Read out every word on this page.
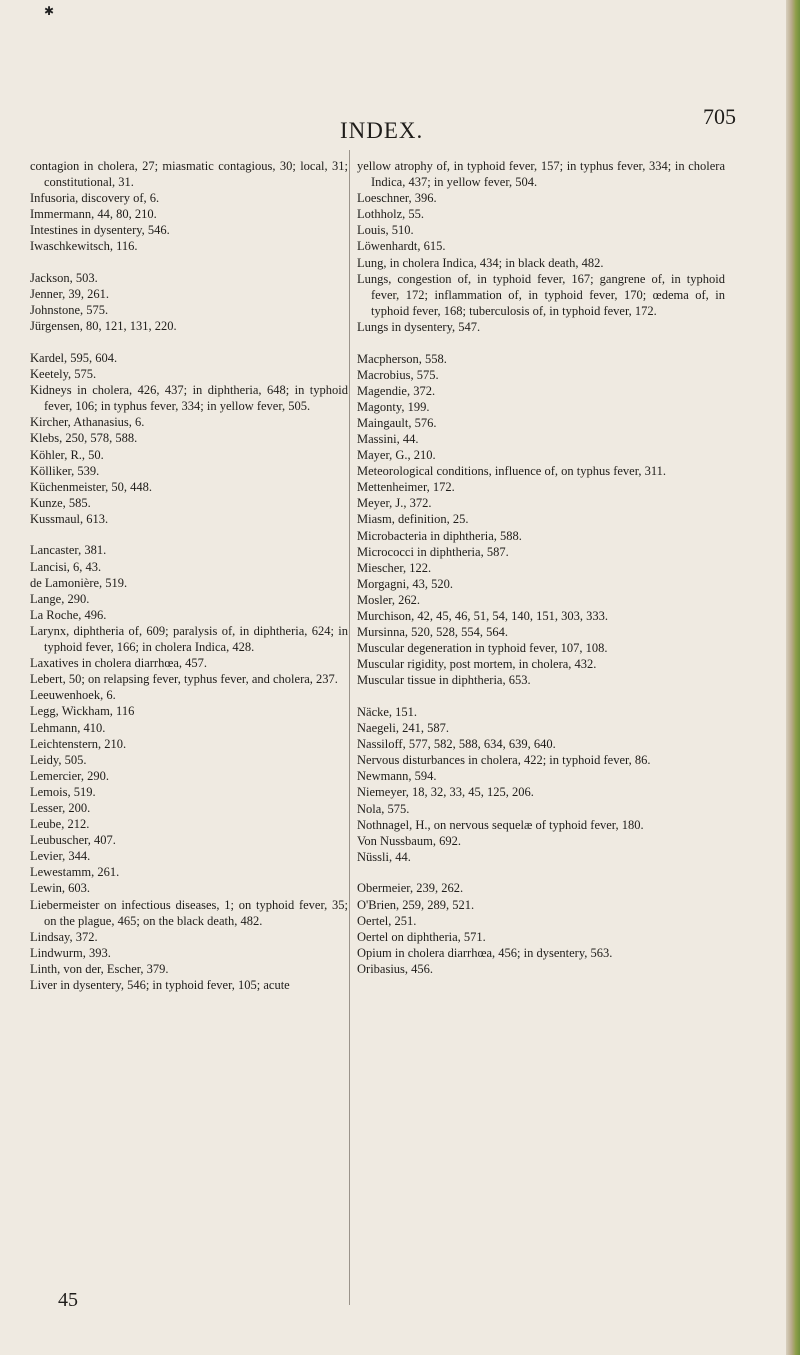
✱
INDEX.
705
contagion in cholera, 27; miasmatic contagious, 30; local, 31; constitutional, 31.
Infusoria, discovery of, 6.
Immermann, 44, 80, 210.
Intestines in dysentery, 546.
Iwaschkewitsch, 116.
Jackson, 503.
Jenner, 39, 261.
Johnstone, 575.
Jürgensen, 80, 121, 131, 220.
Kardel, 595, 604.
Keetely, 575.
Kidneys in cholera, 426, 437; in diphtheria, 648; in typhoid fever, 106; in typhus fever, 334; in yellow fever, 505.
Kircher, Athanasius, 6.
Klebs, 250, 578, 588.
Köhler, R., 50.
Kölliker, 539.
Küchenmeister, 50, 448.
Kunze, 585.
Kussmaul, 613.
Lancaster, 381.
Lancisi, 6, 43.
de Lamonière, 519.
Lange, 290.
La Roche, 496.
Larynx, diphtheria of, 609; paralysis of, in diphtheria, 624; in typhoid fever, 166; in cholera Indica, 428.
Laxatives in cholera diarrhœa, 457.
Lebert, 50; on relapsing fever, typhus fever, and cholera, 237.
Leeuwenhoek, 6.
Legg, Wickham, 116
Lehmann, 410.
Leichtenstern, 210.
Leidy, 505.
Lemercier, 290.
Lemois, 519.
Lesser, 200.
Leube, 212.
Leubuscher, 407.
Levier, 344.
Lewestamm, 261.
Lewin, 603.
Liebermeister on infectious diseases, 1; on typhoid fever, 35; on the plague, 465; on the black death, 482.
Lindsay, 372.
Lindwurm, 393.
Linth, von der, Escher, 379.
Liver in dysentery, 546; in typhoid fever, 105; acute
yellow atrophy of, in typhoid fever, 157; in typhus fever, 334; in cholera Indica, 437; in yellow fever, 504.
Loeschner, 396.
Lothholz, 55.
Louis, 510.
Löwenhardt, 615.
Lung, in cholera Indica, 434; in black death, 482.
Lungs, congestion of, in typhoid fever, 167; gangrene of, in typhoid fever, 172; inflammation of, in typhoid fever, 170; œdema of, in typhoid fever, 168; tuberculosis of, in typhoid fever, 172.
Lungs in dysentery, 547.
Macpherson, 558.
Macrobius, 575.
Magendie, 372.
Magonty, 199.
Maingault, 576.
Massini, 44.
Mayer, G., 210.
Meteorological conditions, influence of, on typhus fever, 311.
Mettenheimer, 172.
Meyer, J., 372.
Miasm, definition, 25.
Microbacteria in diphtheria, 588.
Micrococci in diphtheria, 587.
Miescher, 122.
Morgagni, 43, 520.
Mosler, 262.
Murchison, 42, 45, 46, 51, 54, 140, 151, 303, 333.
Mursinna, 520, 528, 554, 564.
Muscular degeneration in typhoid fever, 107, 108.
Muscular rigidity, post mortem, in cholera, 432.
Muscular tissue in diphtheria, 653.
Näcke, 151.
Naegeli, 241, 587.
Nassiloff, 577, 582, 588, 634, 639, 640.
Nervous disturbances in cholera, 422; in typhoid fever, 86.
Newmann, 594.
Niemeyer, 18, 32, 33, 45, 125, 206.
Nola, 575.
Nothnagel, H., on nervous sequelæ of typhoid fever, 180.
Von Nussbaum, 692.
Nüssli, 44.
Obermeier, 239, 262.
O'Brien, 259, 289, 521.
Oertel, 251.
Oertel on diphtheria, 571.
Opium in cholera diarrhœa, 456; in dysentery, 563.
Oribasius, 456.
45
